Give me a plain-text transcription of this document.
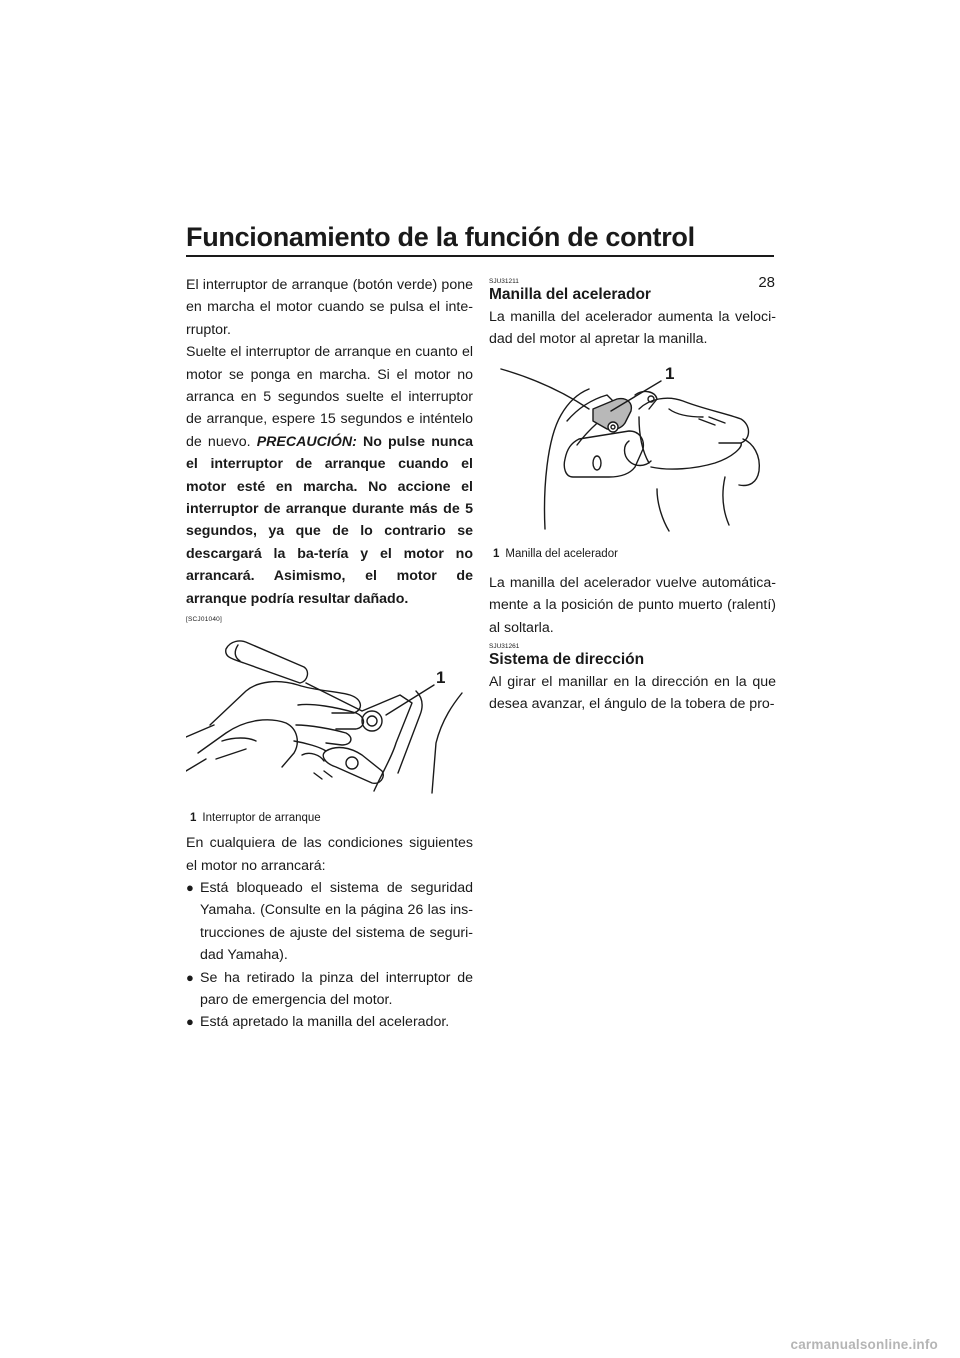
Funcionamiento de la función de control
28

El interruptor de arranque (botón verde) pone en marcha el motor cuando se pulsa el inte-rruptor.

Suelte el interruptor de arranque en cuanto el motor se ponga en marcha. Si el motor no arranca en 5 segundos suelte el interruptor de arranque, espere 15 segundos e inténtelo de nuevo. PRECAUCIÓN: No pulse nunca el interruptor de arranque cuando el motor esté en marcha. No accione el interruptor de arranque durante más de 5 segundos, ya que de lo contrario se descargará la ba-tería y el motor no arrancará. Asimismo, el motor de arranque podría resultar dañado.

[SCJ01040]
1
1 Interruptor de arranque

En cualquiera de las condiciones siguientes el motor no arrancará:

● Está bloqueado el sistema de seguridad Yamaha. (Consulte en la página 26 las ins-trucciones de ajuste del sistema de seguri-dad Yamaha).
● Se ha retirado la pinza del interruptor de paro de emergencia del motor.
● Está apretado la manilla del acelerador.
SJU31211
Manilla del acelerador

La manilla del acelerador aumenta la veloci-dad del motor al apretar la manilla.

1
1 Manilla del acelerador

La manilla del acelerador vuelve automática-mente a la posición de punto muerto (ralentí) al soltarla.

SJU31261
Sistema de dirección

Al girar el manillar en la dirección en la que desea avanzar, el ángulo de la tobera de pro-

carmanualsonline.info
